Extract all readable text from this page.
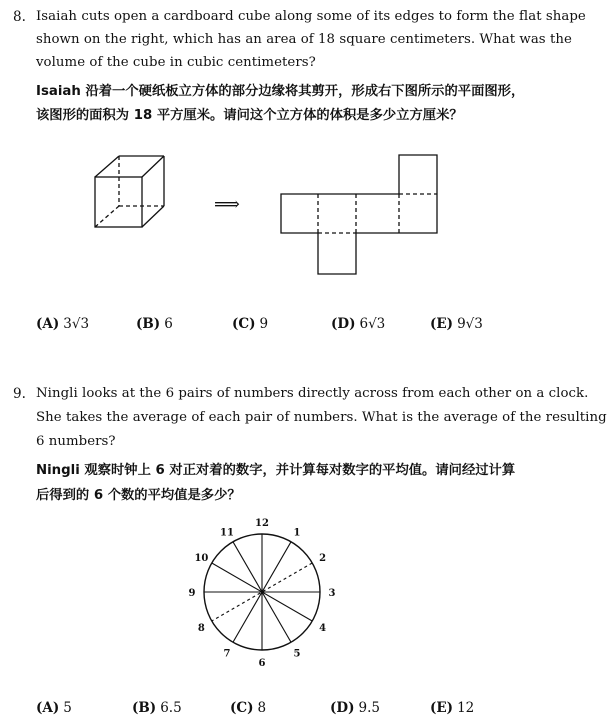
8. Isaiah cuts open a cardboard cube along some of its edges to form the flat shape
shown on the right, which has an area of 18 square centimeters. What was the
volume of the cube in cubic centimeters?
Isaiah 沿着一个硬纸板立方体的部分边缘将其剪开，形成右下图所示的平面图形，
该图形的面积为 18 平方厘米。请问这个立方体的体积是多少立方厘米？
⟹
(A) 3√3	(B) 6	(C) 9	(D) 6√3	(E) 9√3
9. Ningli looks at the 6 pairs of numbers directly across from each other on a clock.
She takes the average of each pair of numbers. What is the average of the resulting
6 numbers?
Ningli 观察时钟上 6 对正对着的数字，并计算每对数字的平均值。请问经过计算
后得到的 6 个数的平均值是多少？
12
1
2
3
4
5
6
7
8
9
10
11
(A) 5	(B) 6.5	(C) 8	(D) 9.5	(E) 12
